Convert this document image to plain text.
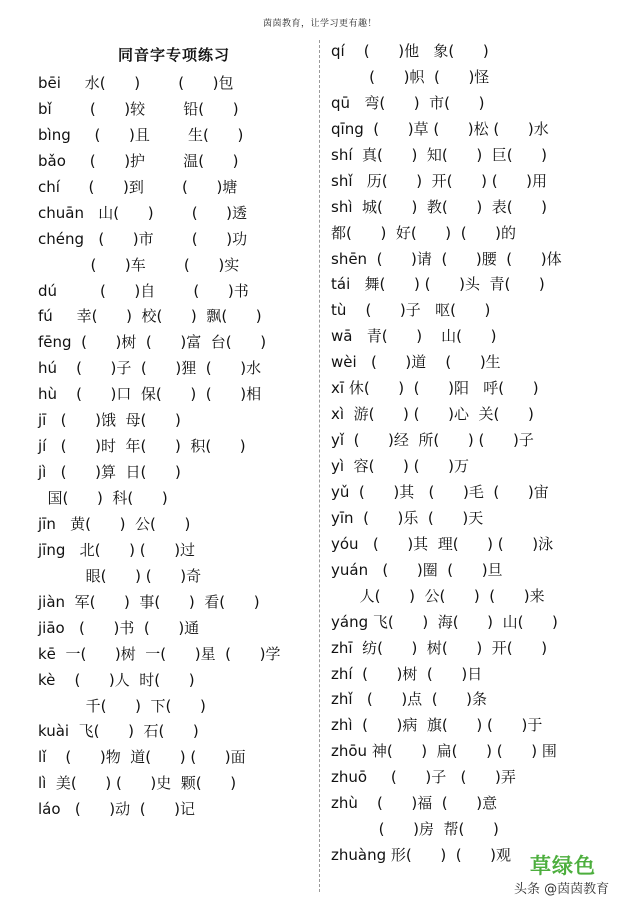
茵茵教育，让学习更有趣！
同音字专项练习
bēi     水(      )        (      )包
bǐ        (      )较        铅(      )
bìng     (      )且        生(      )
bǎo     (      )护        温(      )
chí      (      )到        (      )塘
chuān   山(      )        (      )透
chéng   (      )市        (      )功
(      )车        (      )实
dú         (      )自        (      )书
fú     幸(      )  校(      )  飘(      )
fēng  (      )树  (      )富  台(      )
hú    (      )子  (      )狸  (      )水
hù    (      )口  保(      )  (      )相
jī   (      )饿  母(      )
jí   (      )时  年(      )  积(      )
jì   (      )算  日(      )
国(      )  科(      )
jīn   黄(      )  公(      )
jīng   北(      ) (      )过
眼(      ) (      )奇
jiàn  军(      )  事(      )  看(      )
jiāo   (      )书  (      )通
kē  一(      )树  一(      )星  (      )学
kè    (      )人  时(      )
千(      )  下(      )
kuài  飞(      )  石(      )
lǐ    (      )物  道(      ) (      )面
lì  美(      ) (      )史  颗(      )
láo   (      )动  (      )记
qí    (      )他   象(      )
(      )帜  (      )怪
qū   弯(      )  市(      )
qīng  (      )草 (      )松 (      )水
shí  真(      )  知(      )  巨(      )
shǐ   历(      )  开(      ) (      )用
shì  城(      )  教(      )  表(      )
都(      )  好(      )  (      )的
shēn  (      )请  (      )腰  (      )体
tái   舞(      ) (      )头  青(      )
tù    (      )子   呕(      )
wā   青(      )    山(      )
wèi   (      )道    (      )生
xī 休(      )  (      )阳   呼(      )
xì  游(      ) (      )心  关(      )
yǐ  (      )经  所(      ) (      )子
yì  容(      ) (      )万
yǔ  (      )其   (      )毛  (      )宙
yīn  (      )乐  (      )天
yóu   (      )其  理(      ) (      )泳
yuán   (      )圈  (      )旦
人(      )  公(      )  (      )来
yáng 飞(      )  海(      )  山(      )
zhī  纺(      )  树(      )  开(      )
zhí  (      )树  (      )日
zhǐ   (      )点  (      )条
zhì  (      )病  旗(      ) (      )于
zhōu 神(      )  扁(      ) (      ) 围
zhuō     (      )子   (      )弄
zhù    (      )福  (      )意
(      )房  帮(      )
zhuàng 形(      )  (      )观 草绿色
头条 @茵茵教育
